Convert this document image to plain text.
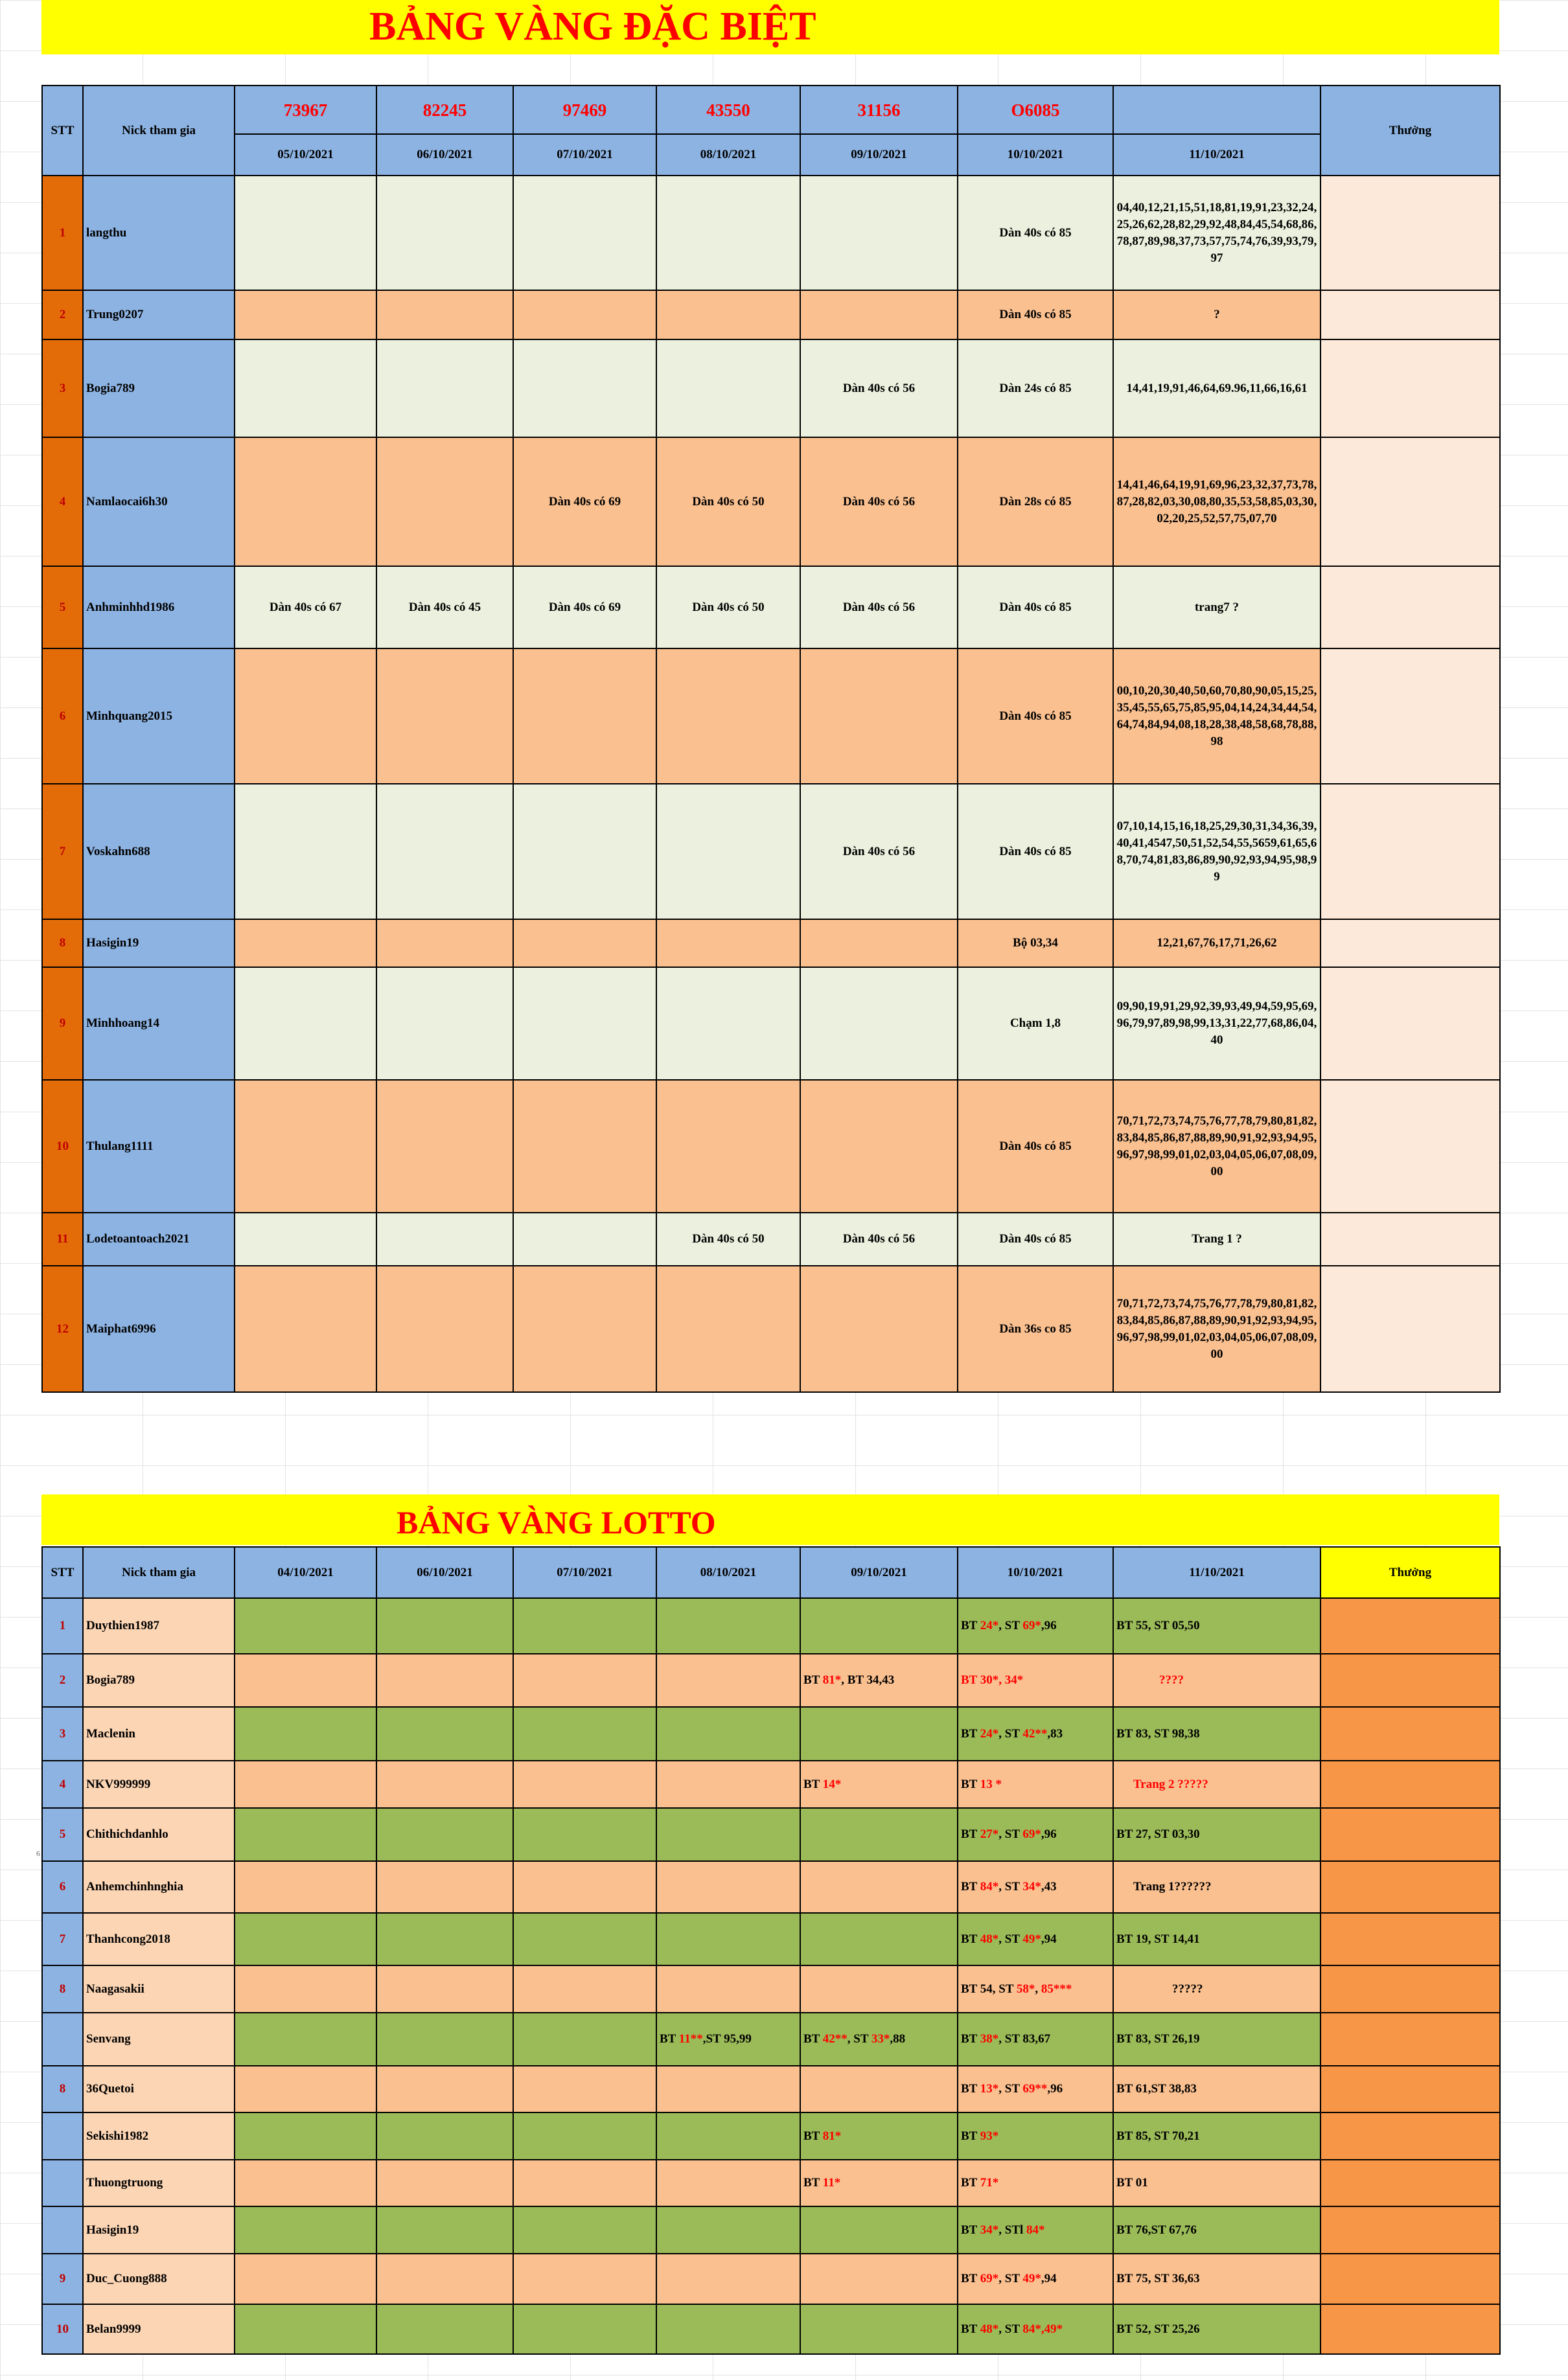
BẢNG VÀNG ĐẶC BIỆT
STT	Nick tham gia	73967	82245	97469	43550	31156	O6085		Thưởng
		05/10/2021	06/10/2021	07/10/2021	08/10/2021	09/10/2021	10/10/2021	11/10/2021	
1	langthu						Dàn 40s có 85	04,40,12,21,15,51,18,81,19,91,23,32,24,25,26,62,28,82,29,92,48,84,45,54,68,86,78,87,89,98,37,73,57,75,74,76,39,93,79,97	
2	Trung0207						Dàn 40s có 85	?	
3	Bogia789					Dàn 40s có 56	Dàn 24s có 85	14,41,19,91,46,64,69.96,11,66,16,61	
4	Namlaocai6h30			Dàn 40s có 69	Dàn 40s có 50	Dàn 40s có 56	Dàn 28s có 85	14,41,46,64,19,91,69,96,23,32,37,73,78,87,28,82,03,30,08,80,35,53,58,85,03,30,02,20,25,52,57,75,07,70	
5	Anhminhhd1986	Dàn 40s có 67	Dàn 40s có 45	Dàn 40s có 69	Dàn 40s có 50	Dàn 40s có 56	Dàn 40s có 85	trang7 ?	
6	Minhquang2015						Dàn 40s có 85	00,10,20,30,40,50,60,70,80,90,05,15,25,35,45,55,65,75,85,95,04,14,24,34,44,54,64,74,84,94,08,18,28,38,48,58,68,78,88,98	
7	Voskahn688					Dàn 40s có 56	Dàn 40s có 85	07,10,14,15,16,18,25,29,30,31,34,36,39,40,41,4547,50,51,52,54,55,5659,61,65,68,70,74,81,83,86,89,90,92,93,94,95,98,99	
8	Hasigin19						Bộ 03,34	12,21,67,76,17,71,26,62	
9	Minhhoang14						Chạm 1,8	09,90,19,91,29,92,39,93,49,94,59,95,69,96,79,97,89,98,99,13,31,22,77,68,86,04,40	
10	Thulang1111						Dàn 40s có 85	70,71,72,73,74,75,76,77,78,79,80,81,82,83,84,85,86,87,88,89,90,91,92,93,94,95,96,97,98,99,01,02,03,04,05,06,07,08,09,00	
11	Lodetoantoach2021				Dàn 40s có 50	Dàn 40s có 56	Dàn 40s có 85	Trang 1 ?	
12	Maiphat6996						Dàn 36s co 85	70,71,72,73,74,75,76,77,78,79,80,81,82,83,84,85,86,87,88,89,90,91,92,93,94,95,96,97,98,99,01,02,03,04,05,06,07,08,09,00	
BẢNG VÀNG LOTTO
STT	Nick tham gia	04/10/2021	06/10/2021	07/10/2021	08/10/2021	09/10/2021	10/10/2021	11/10/2021	Thưởng
1	Duythien1987						BT 24*, ST 69*,96	BT 55, ST 05,50	
2	Bogia789					BT 81*, BT 34,43	BT 30*, 34*	????	
3	Maclenin						BT 24*, ST 42**,83	BT 83, ST 98,38	
4	NKV999999					BT 14*	BT 13 *	Trang 2 ?????	
5	Chithichdanhlo						BT 27*, ST 69*,96	BT 27, ST 03,30	
6	Anhemchinhnghia						BT 84*, ST 34*,43	Trang 1??????	
7	Thanhcong2018						BT 48*, ST 49*,94	BT 19, ST 14,41	
8	Naagasakii						BT 54, ST 58*, 85***	?????	
	Senvang				BT 11**,ST 95,99	BT 42**, ST 33*,88	BT 38*, ST 83,67	BT 83, ST 26,19	
8	36Quetoi						BT 13*, ST 69**,96	BT 61,ST 38,83	
	Sekishi1982					BT 81*	BT 93*	BT 85, ST 70,21	
	Thuongtruong					BT 11*	BT 71*	BT 01	
	Hasigin19						BT 34*, STl 84*	BT 76,ST 67,76	
9	Duc_Cuong888						BT 69*, ST 49*,94	BT 75, ST 36,63	
10	Belan9999						BT 48*, ST 84*,49*	BT 52, ST 25,26	
6
